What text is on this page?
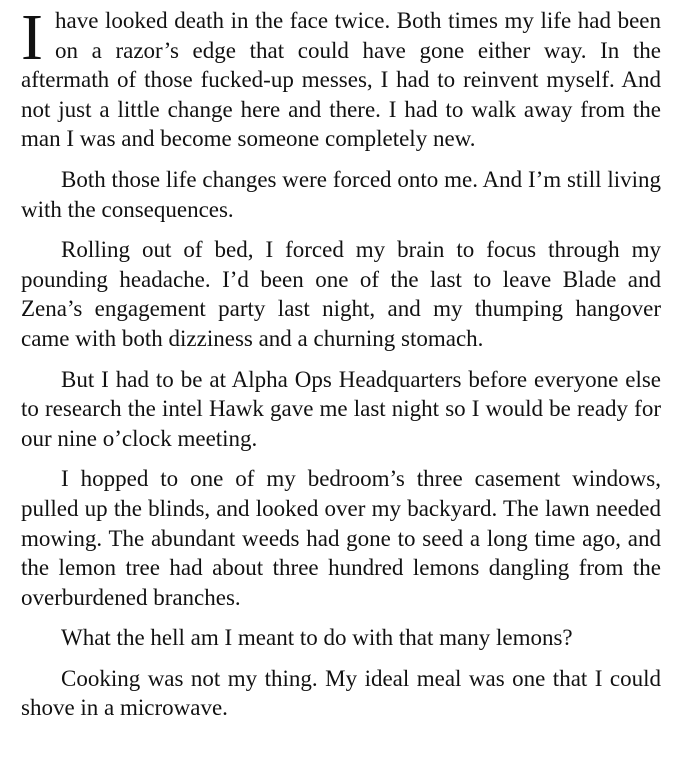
Ihave looked death in the face twice. Both times my life had been on a razor’s edge that could have gone either way. In the aftermath of those fucked-up messes, I had to reinvent myself. And not just a little change here and there. I had to walk away from the man I was and become someone completely new.

Both those life changes were forced onto me. And I’m still living with the consequences.

Rolling out of bed, I forced my brain to focus through my pounding headache. I’d been one of the last to leave Blade and Zena’s engagement party last night, and my thumping hangover came with both dizziness and a churning stomach.

But I had to be at Alpha Ops Headquarters before everyone else to research the intel Hawk gave me last night so I would be ready for our nine o’clock meeting.

I hopped to one of my bedroom’s three casement windows, pulled up the blinds, and looked over my backyard. The lawn needed mowing. The abundant weeds had gone to seed a long time ago, and the lemon tree had about three hundred lemons dangling from the overburdened branches.

What the hell am I meant to do with that many lemons?

Cooking was not my thing. My ideal meal was one that I could shove in a microwave.
